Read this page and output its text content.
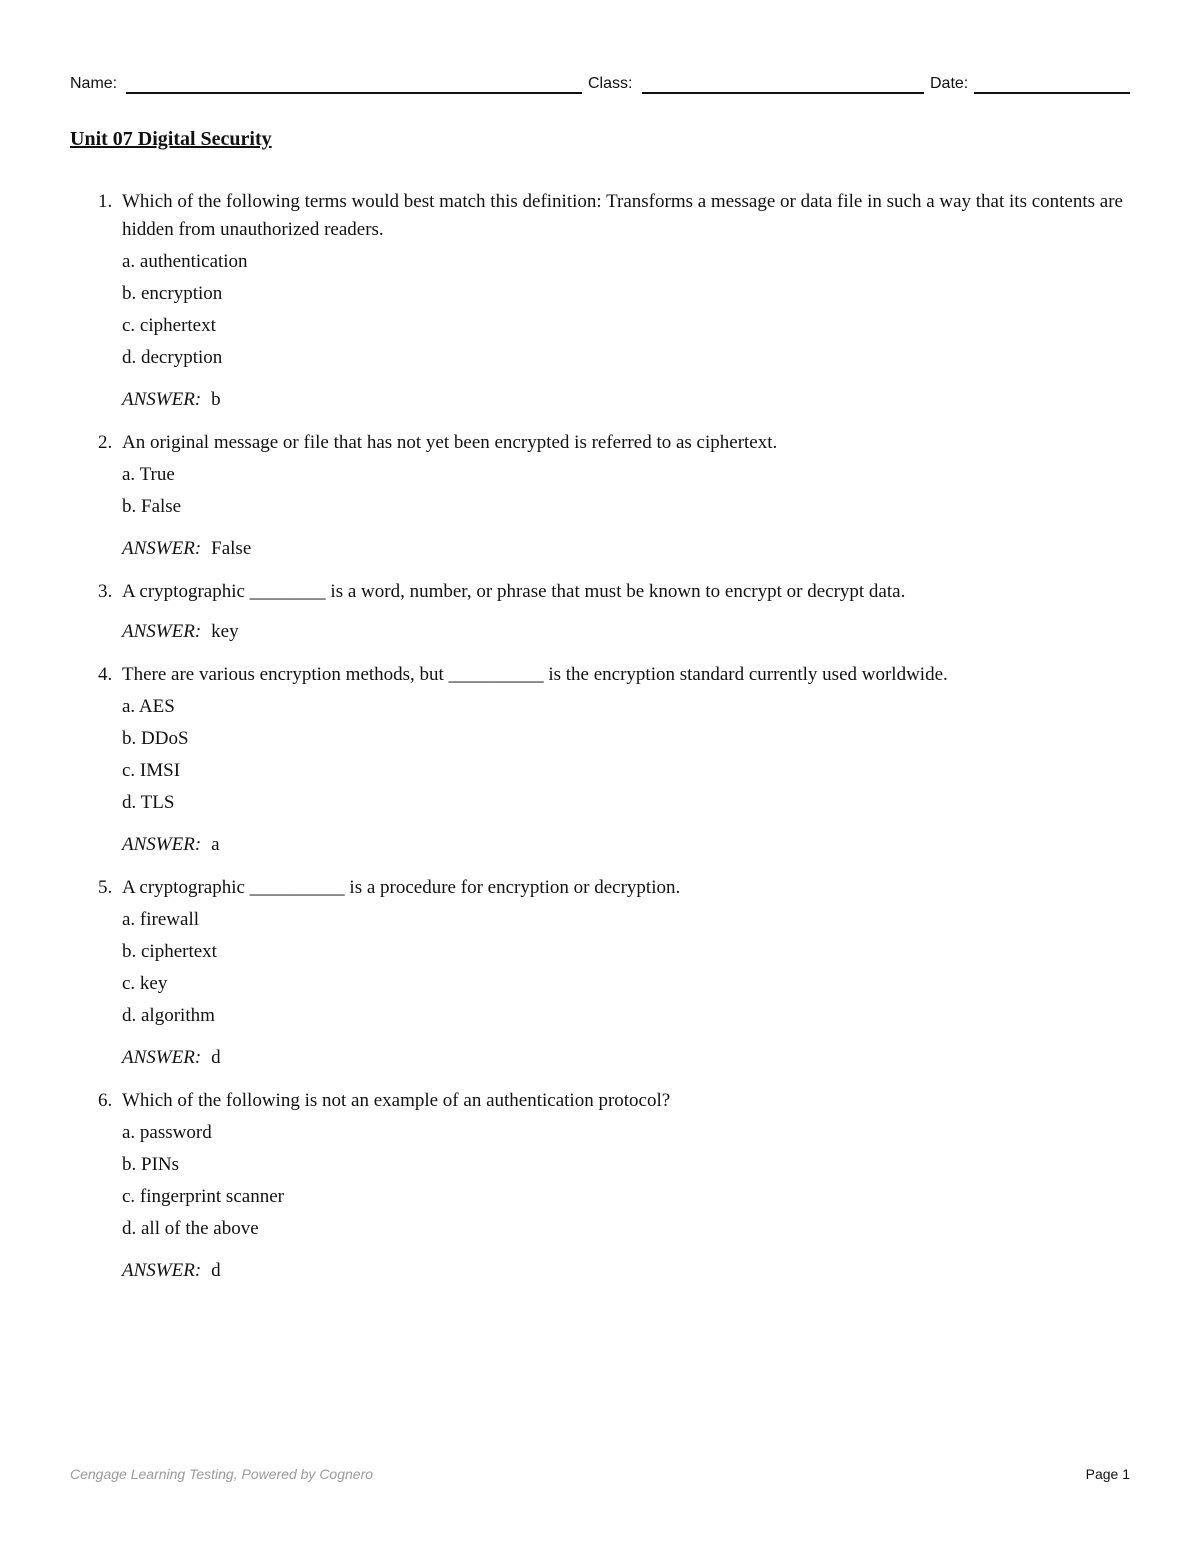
Name:	Class:	Date:
Unit 07 Digital Security
1. Which of the following terms would best match this definition: Transforms a message or data file in such a way that its contents are hidden from unauthorized readers.
a. authentication
b. encryption
c. ciphertext
d. decryption
ANSWER: b
2. An original message or file that has not yet been encrypted is referred to as ciphertext.
a. True
b. False
ANSWER: False
3. A cryptographic ________ is a word, number, or phrase that must be known to encrypt or decrypt data.
ANSWER: key
4. There are various encryption methods, but __________ is the encryption standard currently used worldwide.
a. AES
b. DDoS
c. IMSI
d. TLS
ANSWER: a
5. A cryptographic __________ is a procedure for encryption or decryption.
a. firewall
b. ciphertext
c. key
d. algorithm
ANSWER: d
6. Which of the following is not an example of an authentication protocol?
a. password
b. PINs
c. fingerprint scanner
d. all of the above
ANSWER: d
Cengage Learning Testing, Powered by Cognero	Page 1
